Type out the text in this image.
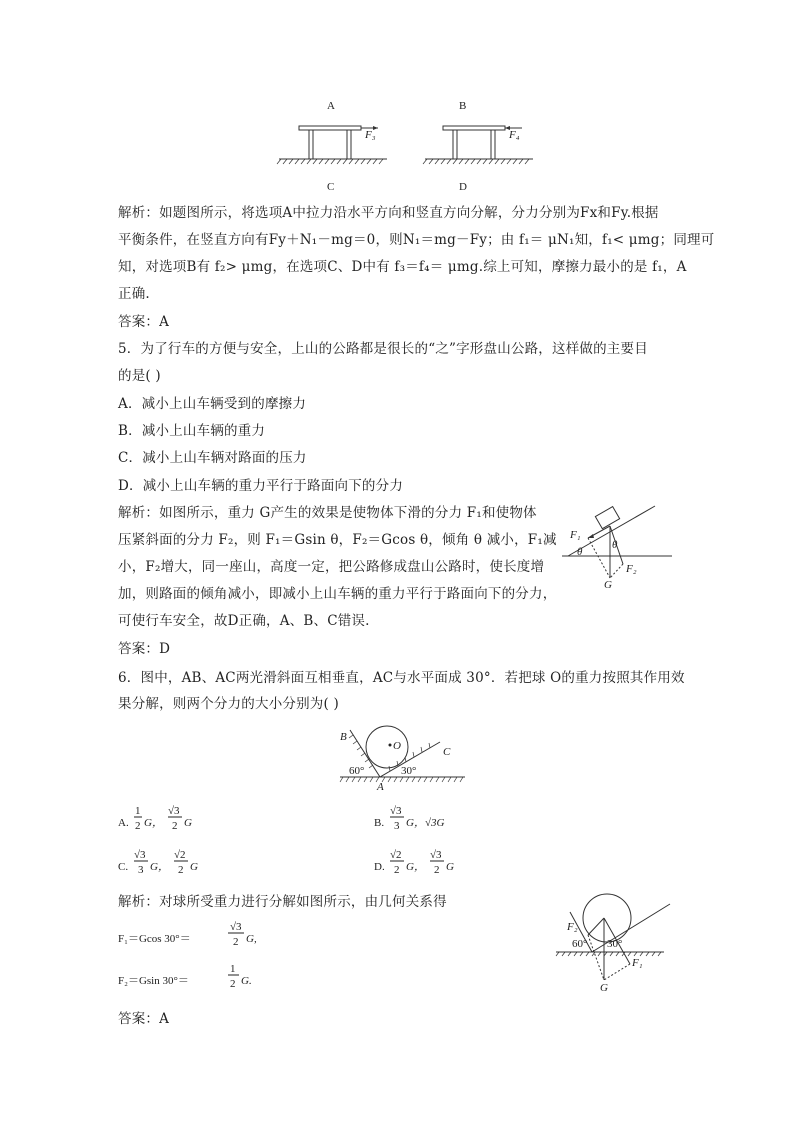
A	B
F₃	F₄
C	D
解析：如题图所示，将选项A中拉力沿水平方向和竖直方向分解，分力分别为Fx和Fy.根据
平衡条件，在竖直方向有Fy＋N₁－mg＝0，则N₁＝mg－Fy；由 f₁＝ μN₁知，f₁< μmg；同理可
知，对选项B有 f₂> μmg，在选项C、D中有 f₃＝f₄＝ μmg.综上可知，摩擦力最小的是 f₁，A
正确.
答案：A
5．为了行车的方便与安全，上山的公路都是很长的“之”字形盘山公路，这样做的主要目
的是( )
A．减小上山车辆受到的摩擦力
B．减小上山车辆的重力
C．减小上山车辆对路面的压力
D．减小上山车辆的重力平行于路面向下的分力
解析：如图所示，重力 G产生的效果是使物体下滑的分力 F₁和使物体
压紧斜面的分力 F₂，则 F₁＝Gsin θ，F₂＝Gcos θ，倾角 θ 减小，F₁减
小，F₂增大，同一座山，高度一定，把公路修成盘山公路时，使长度增
加，则路面的倾角减小，即减小上山车辆的重力平行于路面向下的分力，
可使行车安全，故D正确，A、B、C错误.
答案：D
F₁
θ
θ
F₂
G
6．图中，AB、AC两光滑斜面互相垂直，AC与水平面成 30°．若把球 O的重力按照其作用效
果分解，则两个分力的大小分别为( )
B
O	C
60°	30°
A
A.
1
2 G，
√3
2 G	B.
√3
3 G，√3G
C.
√3
3 G，
√2
2 G	D.
√2
2 G，
√3
2 G
解析：对球所受重力进行分解如图所示，由几何关系得
F₁＝Gcos 30°＝
√3
2 G,
F₂＝Gsin 30°＝
1
2 G.
答案：A
F₂
60° 30°
F₁
G
